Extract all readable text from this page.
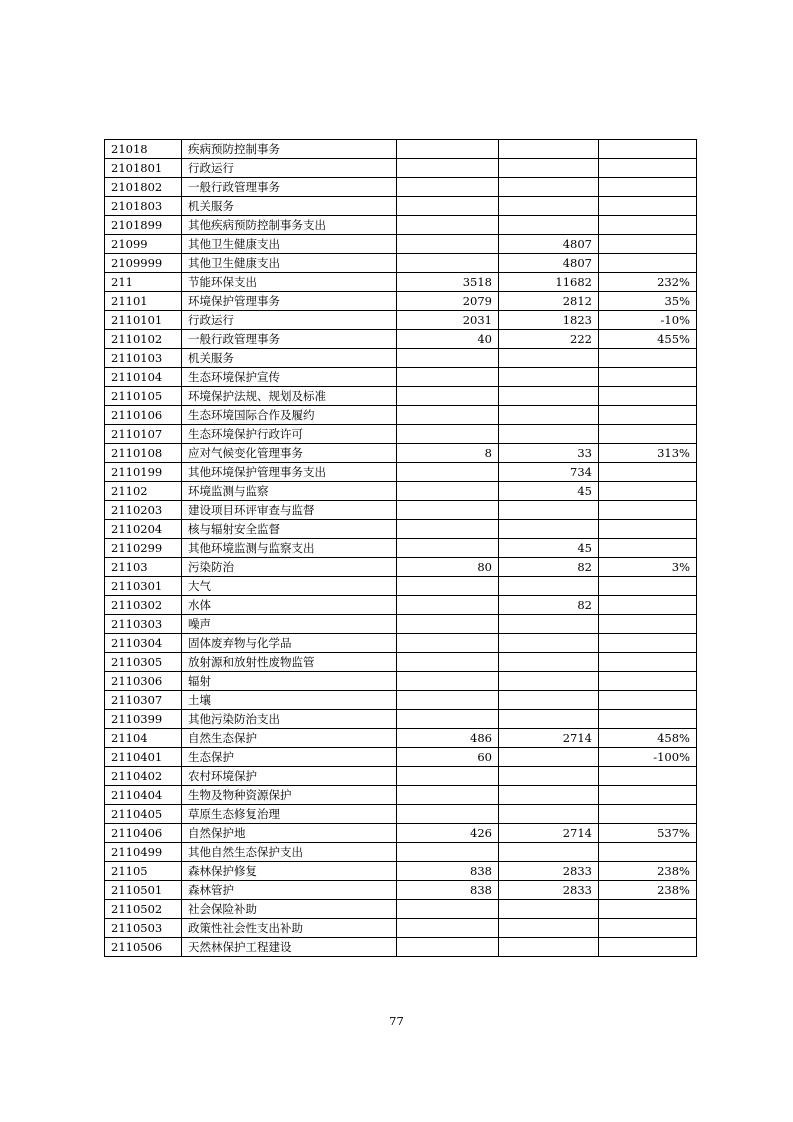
21018	疾病预防控制事务			
2101801	行政运行			
2101802	一般行政管理事务			
2101803	机关服务			
2101899	其他疾病预防控制事务支出			
21099	其他卫生健康支出		4807	
2109999	其他卫生健康支出		4807	
211	节能环保支出	3518	11682	232%
21101	环境保护管理事务	2079	2812	35%
2110101	行政运行	2031	1823	-10%
2110102	一般行政管理事务	40	222	455%
2110103	机关服务			
2110104	生态环境保护宣传			
2110105	环境保护法规、规划及标准			
2110106	生态环境国际合作及履约			
2110107	生态环境保护行政许可			
2110108	应对气候变化管理事务	8	33	313%
2110199	其他环境保护管理事务支出		734	
21102	环境监测与监察		45	
2110203	建设项目环评审查与监督			
2110204	核与辐射安全监督			
2110299	其他环境监测与监察支出		45	
21103	污染防治	80	82	3%
2110301	大气			
2110302	水体		82	
2110303	噪声			
2110304	固体废弃物与化学品			
2110305	放射源和放射性废物监管			
2110306	辐射			
2110307	土壤			
2110399	其他污染防治支出			
21104	自然生态保护	486	2714	458%
2110401	生态保护	60		-100%
2110402	农村环境保护			
2110404	生物及物种资源保护			
2110405	草原生态修复治理			
2110406	自然保护地	426	2714	537%
2110499	其他自然生态保护支出			
21105	森林保护修复	838	2833	238%
2110501	森林管护	838	2833	238%
2110502	社会保险补助			
2110503	政策性社会性支出补助			
2110506	天然林保护工程建设			
77
